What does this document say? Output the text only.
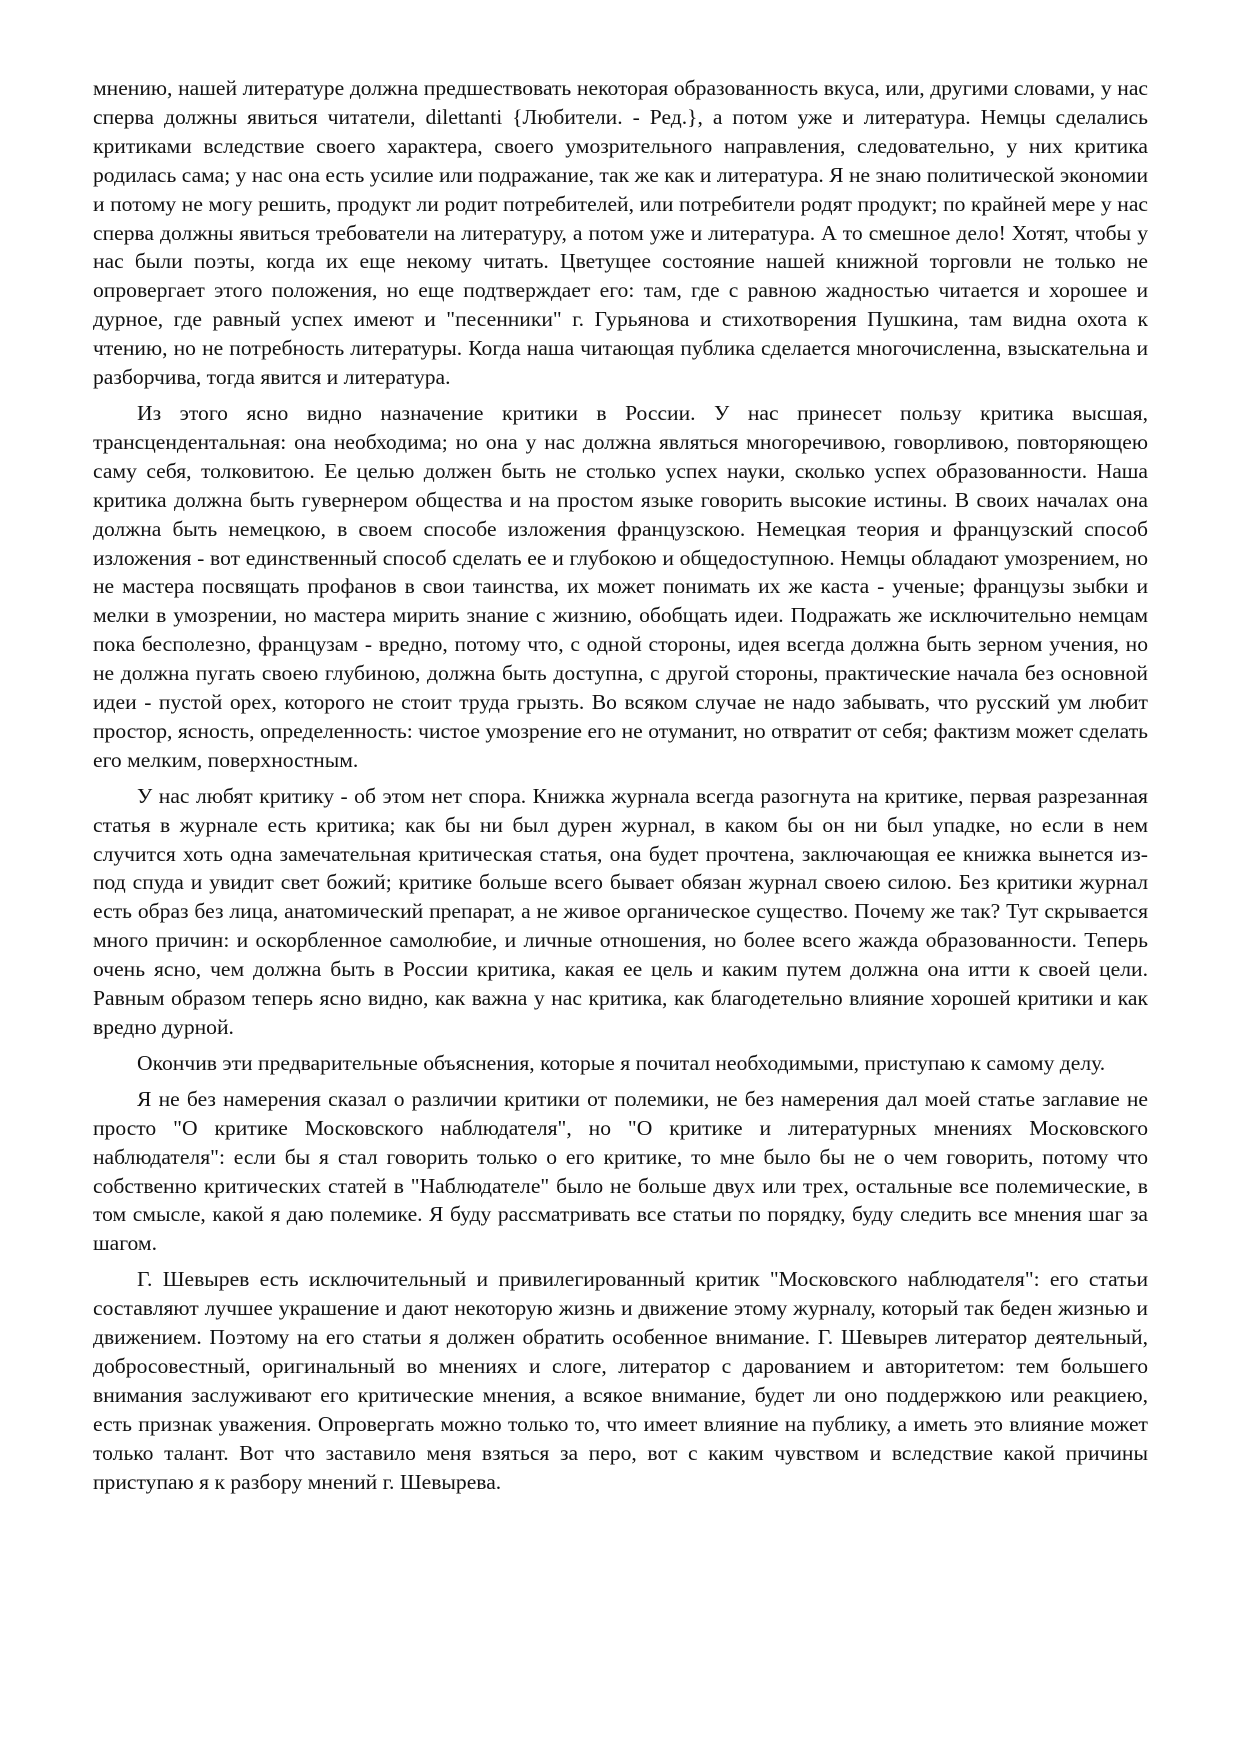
мнению, нашей литературе должна предшествовать некоторая образованность вкуса, или, другими словами, у нас сперва должны явиться читатели, dilettanti {Любители. - Ред.}, а потом уже и литература. Немцы сделались критиками вследствие своего характера, своего умозрительного направления, следовательно, у них критика родилась сама; у нас она есть усилие или подражание, так же как и литература. Я не знаю политической экономии и потому не могу решить, продукт ли родит потребителей, или потребители родят продукт; по крайней мере у нас сперва должны явиться требователи на литературу, а потом уже и литература. А то смешное дело! Хотят, чтобы у нас были поэты, когда их еще некому читать. Цветущее состояние нашей книжной торговли не только не опровергает этого положения, но еще подтверждает его: там, где с равною жадностью читается и хорошее и дурное, где равный успех имеют и "песенники" г. Гурьянова и стихотворения Пушкина, там видна охота к чтению, но не потребность литературы. Когда наша читающая публика сделается многочисленна, взыскательна и разборчива, тогда явится и литература.

Из этого ясно видно назначение критики в России. У нас принесет пользу критика высшая, трансцендентальная: она необходима; но она у нас должна являться многоречивою, говорливою, повторяющею саму себя, толковитою. Ее целью должен быть не столько успех науки, сколько успех образованности. Наша критика должна быть гувернером общества и на простом языке говорить высокие истины. В своих началах она должна быть немецкою, в своем способе изложения французскою. Немецкая теория и французский способ изложения - вот единственный способ сделать ее и глубокою и общедоступною. Немцы обладают умозрением, но не мастера посвящать профанов в свои таинства, их может понимать их же каста - ученые; французы зыбки и мелки в умозрении, но мастера мирить знание с жизнию, обобщать идеи. Подражать же исключительно немцам пока бесполезно, французам - вредно, потому что, с одной стороны, идея всегда должна быть зерном учения, но не должна пугать своею глубиною, должна быть доступна, с другой стороны, практические начала без основной идеи - пустой орех, которого не стоит труда грызть. Во всяком случае не надо забывать, что русский ум любит простор, ясность, определенность: чистое умозрение его не отуманит, но отвратит от себя; фактизм может сделать его мелким, поверхностным.

У нас любят критику - об этом нет спора. Книжка журнала всегда разогнута на критике, первая разрезанная статья в журнале есть критика; как бы ни был дурен журнал, в каком бы он ни был упадке, но если в нем случится хоть одна замечательная критическая статья, она будет прочтена, заключающая ее книжка вынется из-под спуда и увидит свет божий; критике больше всего бывает обязан журнал своею силою. Без критики журнал есть образ без лица, анатомический препарат, а не живое органическое существо. Почему же так? Тут скрывается много причин: и оскорбленное самолюбие, и личные отношения, но более всего жажда образованности. Теперь очень ясно, чем должна быть в России критика, какая ее цель и каким путем должна она итти к своей цели. Равным образом теперь ясно видно, как важна у нас критика, как благодетельно влияние хорошей критики и как вредно дурной.

Окончив эти предварительные объяснения, которые я почитал необходимыми, приступаю к самому делу.

Я не без намерения сказал о различии критики от полемики, не без намерения дал моей статье заглавие не просто "О критике Московского наблюдателя", но "О критике и литературных мнениях Московского наблюдателя": если бы я стал говорить только о его критике, то мне было бы не о чем говорить, потому что собственно критических статей в "Наблюдателе" было не больше двух или трех, остальные все полемические, в том смысле, какой я даю полемике. Я буду рассматривать все статьи по порядку, буду следить все мнения шаг за шагом.

Г. Шевырев есть исключительный и привилегированный критик "Московского наблюдателя": его статьи составляют лучшее украшение и дают некоторую жизнь и движение этому журналу, который так беден жизнью и движением. Поэтому на его статьи я должен обратить особенное внимание. Г. Шевырев литератор деятельный, добросовестный, оригинальный во мнениях и слоге, литератор с дарованием и авторитетом: тем большего внимания заслуживают его критические мнения, а всякое внимание, будет ли оно поддержкою или реакциею, есть признак уважения. Опровергать можно только то, что имеет влияние на публику, а иметь это влияние может только талант. Вот что заставило меня взяться за перо, вот с каким чувством и вследствие какой причины приступаю я к разбору мнений г. Шевырева.
